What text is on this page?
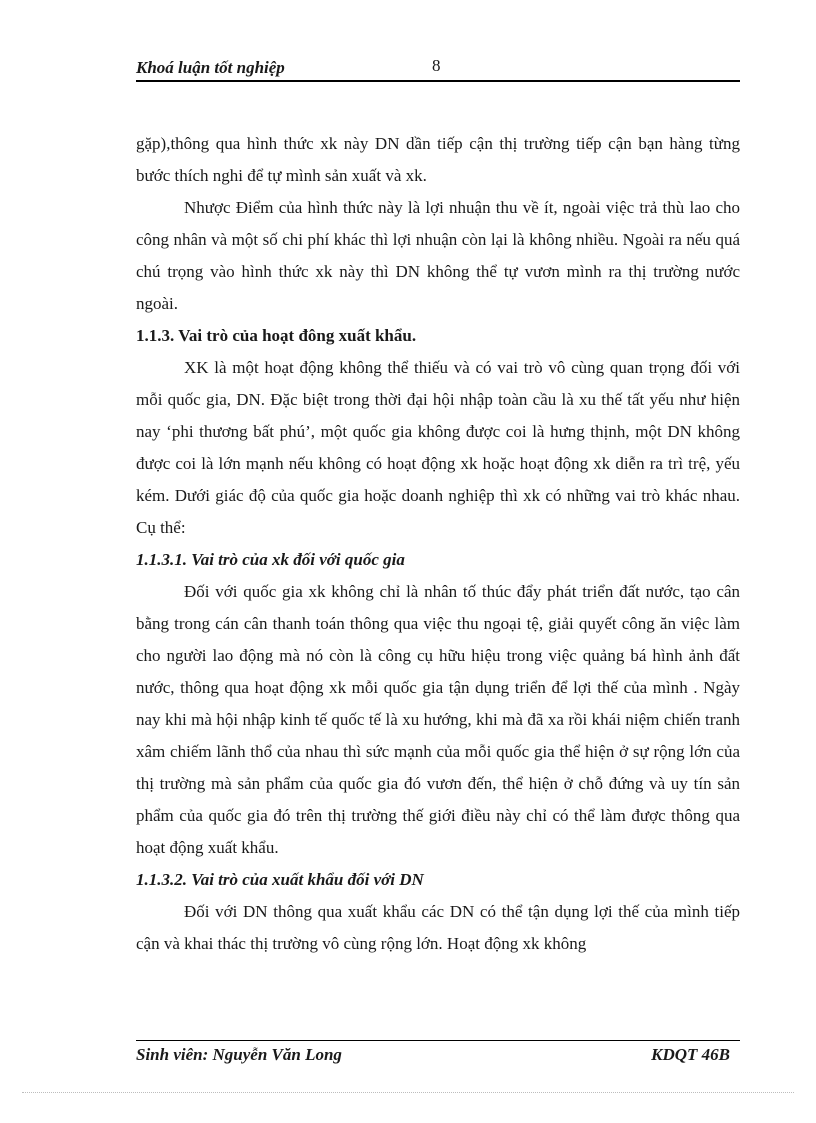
Khoá luận tốt nghiệp	8

gặp),thông qua hình thức xk này DN dần tiếp cận thị trường tiếp cận bạn hàng từng bước thích nghi để tự mình sản xuất và xk.

Nhược Điểm của hình thức này là lợi nhuận thu về ít, ngoài việc trả thù lao cho công nhân và một số chi phí khác thì lợi nhuận còn lại là không nhiều. Ngoài ra nếu quá chú trọng vào hình thức xk này thì DN không thể tự vươn mình ra thị trường nước ngoài.

1.1.3. Vai trò của hoạt đông xuất khẩu.

XK là một hoạt động không thể thiếu và có vai trò vô cùng quan trọng đối với mỗi quốc gia, DN. Đặc biệt trong thời đại hội nhập toàn cầu là xu thế tất yếu như hiện nay ‘phi thương bất phú’, một quốc gia không được coi là hưng thịnh, một DN không được coi là lớn mạnh nếu không có hoạt động xk hoặc hoạt động xk diễn ra trì trệ, yếu kém. Dưới giác độ của quốc gia hoặc doanh nghiệp thì xk có những vai trò khác nhau. Cụ thể:

1.1.3.1. Vai trò của xk đối với quốc gia

Đối với quốc gia xk không chỉ là nhân tố thúc đẩy phát triển đất nước, tạo cân bằng trong cán cân thanh toán thông qua việc thu ngoại tệ, giải quyết công ăn việc làm cho người lao động mà nó còn là công cụ hữu hiệu trong việc quảng bá hình ảnh đất nước, thông qua hoạt động xk mỗi quốc gia tận dụng triển để lợi thế của mình . Ngày nay khi mà hội nhập kinh tế quốc tế là xu hướng, khi mà đã xa rồi khái niệm chiến tranh xâm chiếm lãnh thổ của nhau thì sức mạnh của mỗi quốc gia thể hiện ở sự rộng lớn của thị trường mà sản phẩm của quốc gia đó vươn đến, thể hiện ở chỗ đứng và uy tín sản phẩm của quốc gia đó trên thị trường thế giới điều này chỉ có thể làm được thông qua hoạt động xuất khẩu.

1.1.3.2. Vai trò của xuất khẩu đối với DN

Đối với DN thông qua xuất khẩu các DN có thể tận dụng lợi thế của mình tiếp cận và khai thác thị trường vô cùng rộng lớn. Hoạt động xk không

Sinh viên: Nguyễn Văn Long	KDQT 46B
